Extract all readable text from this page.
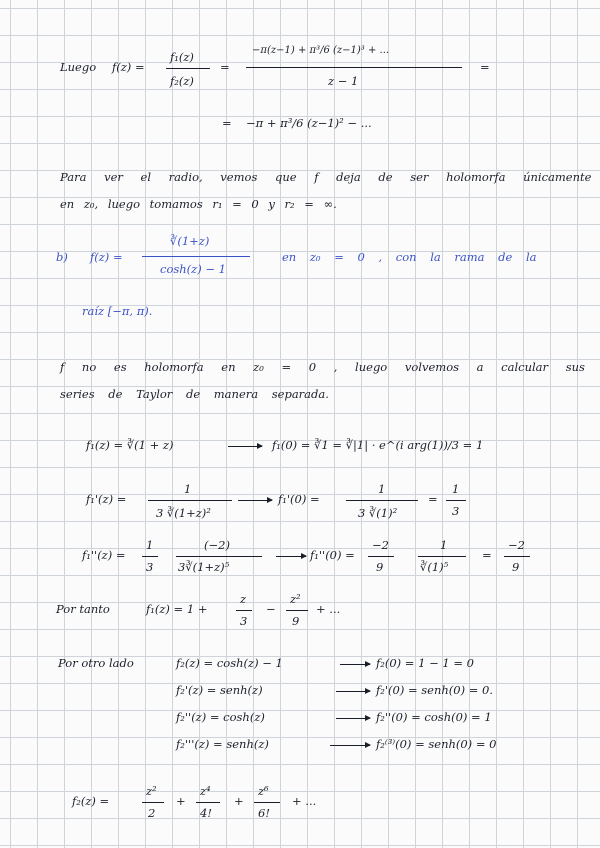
Luego f(z) =
f₁(z)
f₂(z)
=
−π(z−1) + π³/6 (z−1)³ + ...
z − 1
=
= −π + π³/6 (z−1)² − ...
Para ver el radio, vemos que f deja de ser holomorfa únicamente
en z₀, luego tomamos r₁ = 0 y r₂ = ∞.
b) f(z) =
∛(1+z)
cosh(z) − 1
en z₀ = 0 , con la rama de la
raíz [−π, π).
f no es holomorfa en z₀ = 0 , luego volvemos a calcular sus
series de Taylor de manera separada.
f₁(z) = ∛(1 + z)	f₁(0) = ∛1 = ∛|1| · e^(i arg(1))/3 = 1
f₁'(z) =
1
3 ∛(1+z)²
f₁'(0) =
1
3 ∛(1)²
=
1
3
f₁''(z) =
1
3
(−2)
3∛(1+z)⁵
f₁''(0) =
−2
9
1
∛(1)⁵
=
−2
9
Por tanto	f₁(z) = 1 +
z
3
−
z²
9
+ ...
Por otro lado	f₂(z) = cosh(z) − 1	f₂(0) = 1 − 1 = 0
f₂'(z) = senh(z)	f₂'(0) = senh(0) = 0.
f₂''(z) = cosh(z)	f₂''(0) = cosh(0) = 1
f₂'''(z) = senh(z)	f₂⁽³⁾(0) = senh(0) = 0
f₂(z) =
z²
2
+
z⁴
4!
+
z⁶
6!
+ ...
